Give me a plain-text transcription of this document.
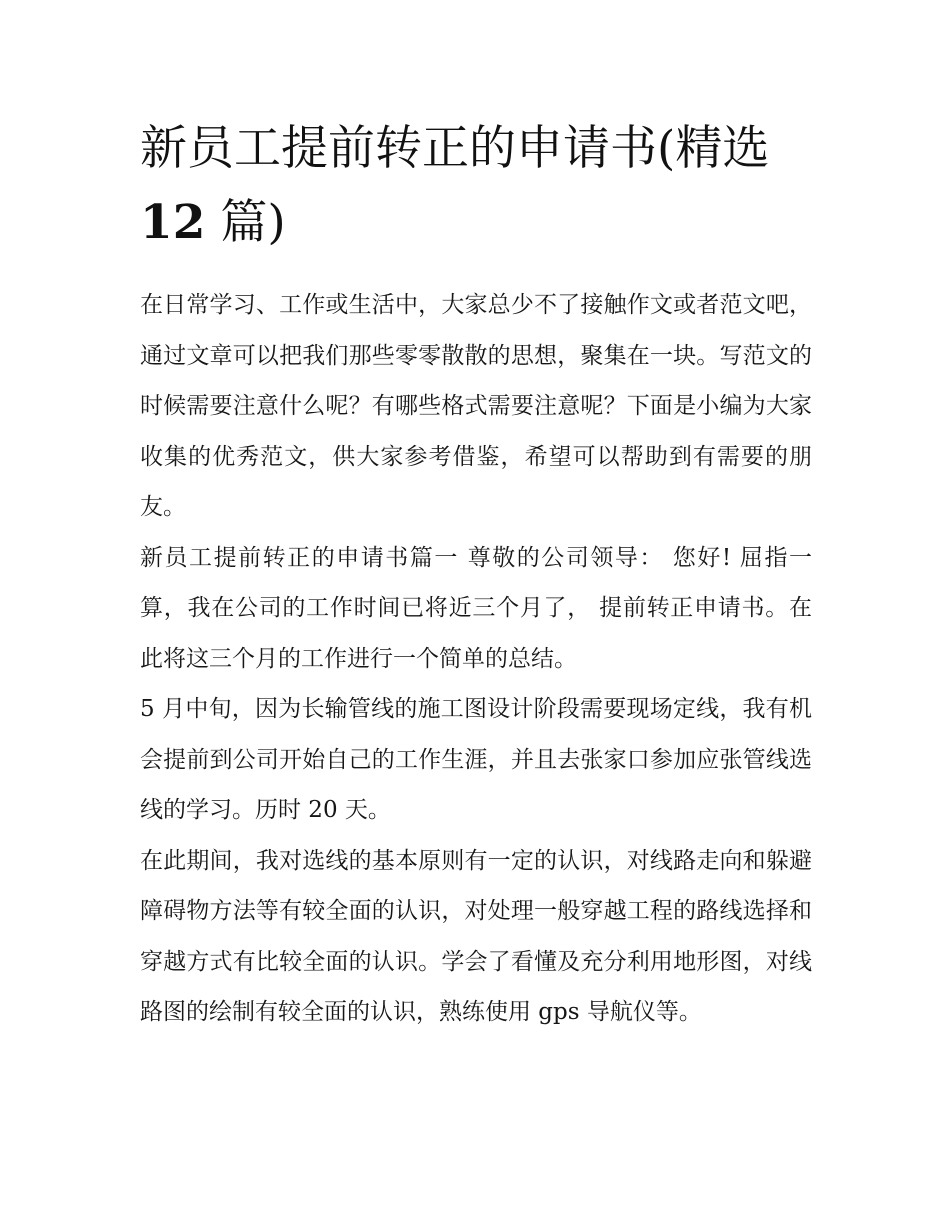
新员工提前转正的申请书(精选 12 篇)

在日常学习、工作或生活中，大家总少不了接触作文或者范文吧，通过文章可以把我们那些零零散散的思想，聚集在一块。写范文的时候需要注意什么呢？有哪些格式需要注意呢？下面是小编为大家收集的优秀范文，供大家参考借鉴，希望可以帮助到有需要的朋友。

新员工提前转正的申请书篇一 尊敬的公司领导： 您好! 屈指一算，我在公司的工作时间已将近三个月了， 提前转正申请书。在此将这三个月的工作进行一个简单的总结。

5 月中旬，因为长输管线的施工图设计阶段需要现场定线，我有机会提前到公司开始自己的工作生涯，并且去张家口参加应张管线选线的学习。历时 20 天。

在此期间，我对选线的基本原则有一定的认识，对线路走向和躲避障碍物方法等有较全面的认识，对处理一般穿越工程的路线选择和穿越方式有比较全面的认识。学会了看懂及充分利用地形图，对线路图的绘制有较全面的认识，熟练使用 gps 导航仪等。
